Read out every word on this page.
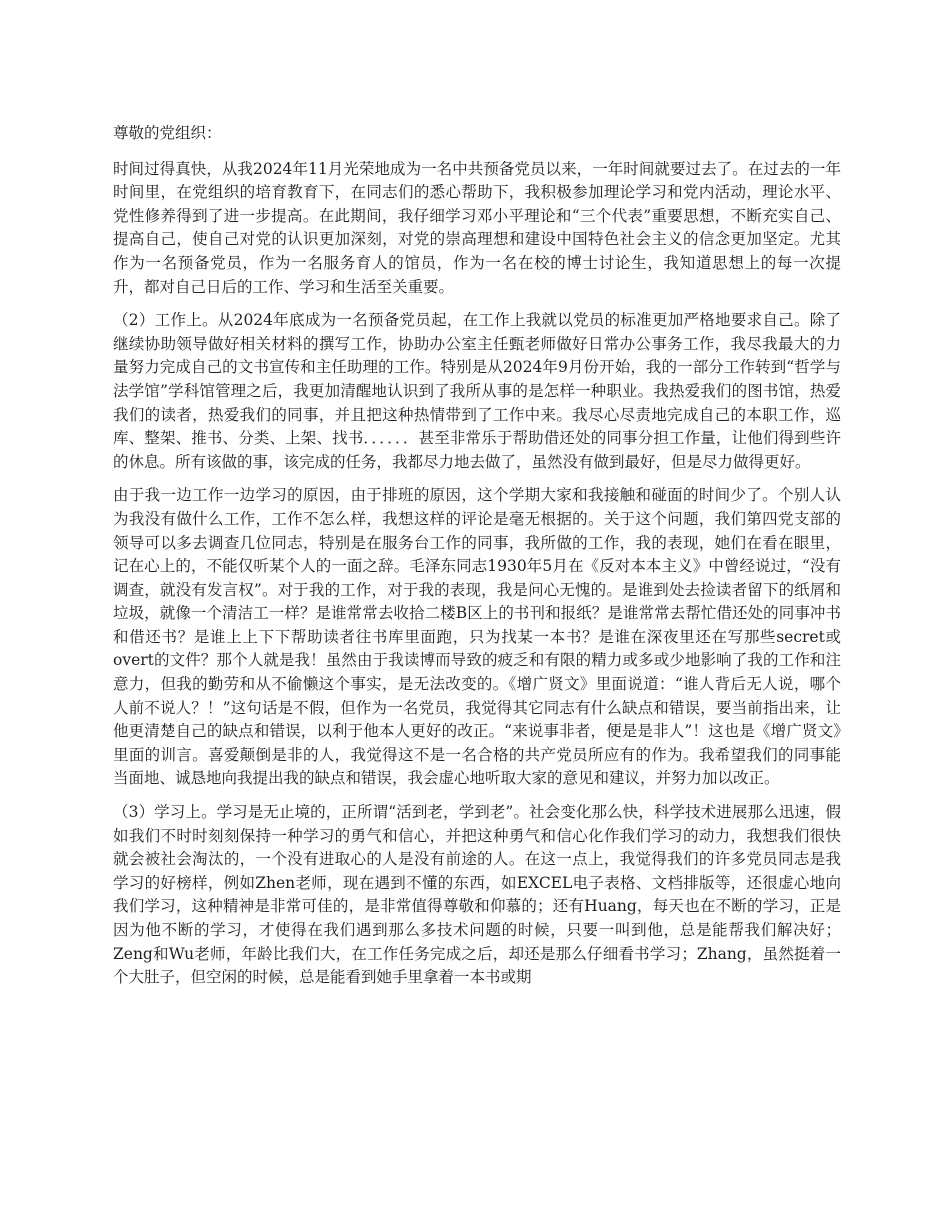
尊敬的党组织：

时间过得真快，从我2024年11月光荣地成为一名中共预备党员以来，一年时间就要过去了。在过去的一年时间里，在党组织的培育教育下，在同志们的悉心帮助下，我积极参加理论学习和党内活动，理论水平、党性修养得到了进一步提高。在此期间，我仔细学习邓小平理论和“三个代表”重要思想，不断充实自己、提高自己，使自己对党的认识更加深刻，对党的崇高理想和建设中国特色社会主义的信念更加坚定。尤其作为一名预备党员，作为一名服务育人的馆员，作为一名在校的博士讨论生，我知道思想上的每一次提升，都对自己日后的工作、学习和生活至关重要。

（2）工作上。从2024年底成为一名预备党员起，在工作上我就以党员的标准更加严格地要求自己。除了继续协助领导做好相关材料的撰写工作，协助办公室主任甄老师做好日常办公事务工作，我尽我最大的力量努力完成自己的文书宣传和主任助理的工作。特别是从2024年9月份开始，我的一部分工作转到“哲学与法学馆”学科馆管理之后，我更加清醒地认识到了我所从事的是怎样一种职业。我热爱我们的图书馆，热爱我们的读者，热爱我们的同事，并且把这种热情带到了工作中来。我尽心尽责地完成自己的本职工作，巡库、整架、推书、分类、上架、找书．．．．．．甚至非常乐于帮助借还处的同事分担工作量，让他们得到些许的休息。所有该做的事，该完成的任务，我都尽力地去做了，虽然没有做到最好，但是尽力做得更好。

由于我一边工作一边学习的原因，由于排班的原因，这个学期大家和我接触和碰面的时间少了。个别人认为我没有做什么工作，工作不怎么样，我想这样的评论是毫无根据的。关于这个问题，我们第四党支部的领导可以多去调查几位同志，特别是在服务台工作的同事，我所做的工作，我的表现，她们在看在眼里，记在心上的，不能仅听某个人的一面之辞。毛泽东同志1930年5月在《反对本本主义》中曾经说过，“没有调查，就没有发言权”。对于我的工作，对于我的表现，我是问心无愧的。是谁到处去捡读者留下的纸屑和垃圾，就像一个清洁工一样？是谁常常去收拾二楼B区上的书刊和报纸？是谁常常去帮忙借还处的同事冲书和借还书？是谁上上下下帮助读者往书库里面跑，只为找某一本书？是谁在深夜里还在写那些secret或overt的文件？那个人就是我！虽然由于我读博而导致的疲乏和有限的精力或多或少地影响了我的工作和注意力，但我的勤劳和从不偷懒这个事实，是无法改变的。《增广贤文》里面说道：“谁人背后无人说，哪个人前不说人？！”这句话是不假，但作为一名党员，我觉得其它同志有什么缺点和错误，要当前指出来，让他更清楚自己的缺点和错误，以利于他本人更好的改正。“来说事非者，便是是非人”！这也是《增广贤文》里面的训言。喜爱颠倒是非的人，我觉得这不是一名合格的共产党员所应有的作为。我希望我们的同事能当面地、诚恳地向我提出我的缺点和错误，我会虚心地听取大家的意见和建议，并努力加以改正。

（3）学习上。学习是无止境的，正所谓“活到老，学到老”。社会变化那么快，科学技术进展那么迅速，假如我们不时时刻刻保持一种学习的勇气和信心，并把这种勇气和信心化作我们学习的动力，我想我们很快就会被社会淘汰的，一个没有进取心的人是没有前途的人。在这一点上，我觉得我们的许多党员同志是我学习的好榜样，例如Zhen老师，现在遇到不懂的东西，如EXCEL电子表格、文档排版等，还很虚心地向我们学习，这种精神是非常可佳的，是非常值得尊敬和仰慕的；还有Huang，每天也在不断的学习，正是因为他不断的学习，才使得在我们遇到那么多技术问题的时候，只要一叫到他，总是能帮我们解决好；Zeng和Wu老师，年龄比我们大，在工作任务完成之后，却还是那么仔细看书学习；Zhang，虽然挺着一个大肚子，但空闲的时候，总是能看到她手里拿着一本书或期
